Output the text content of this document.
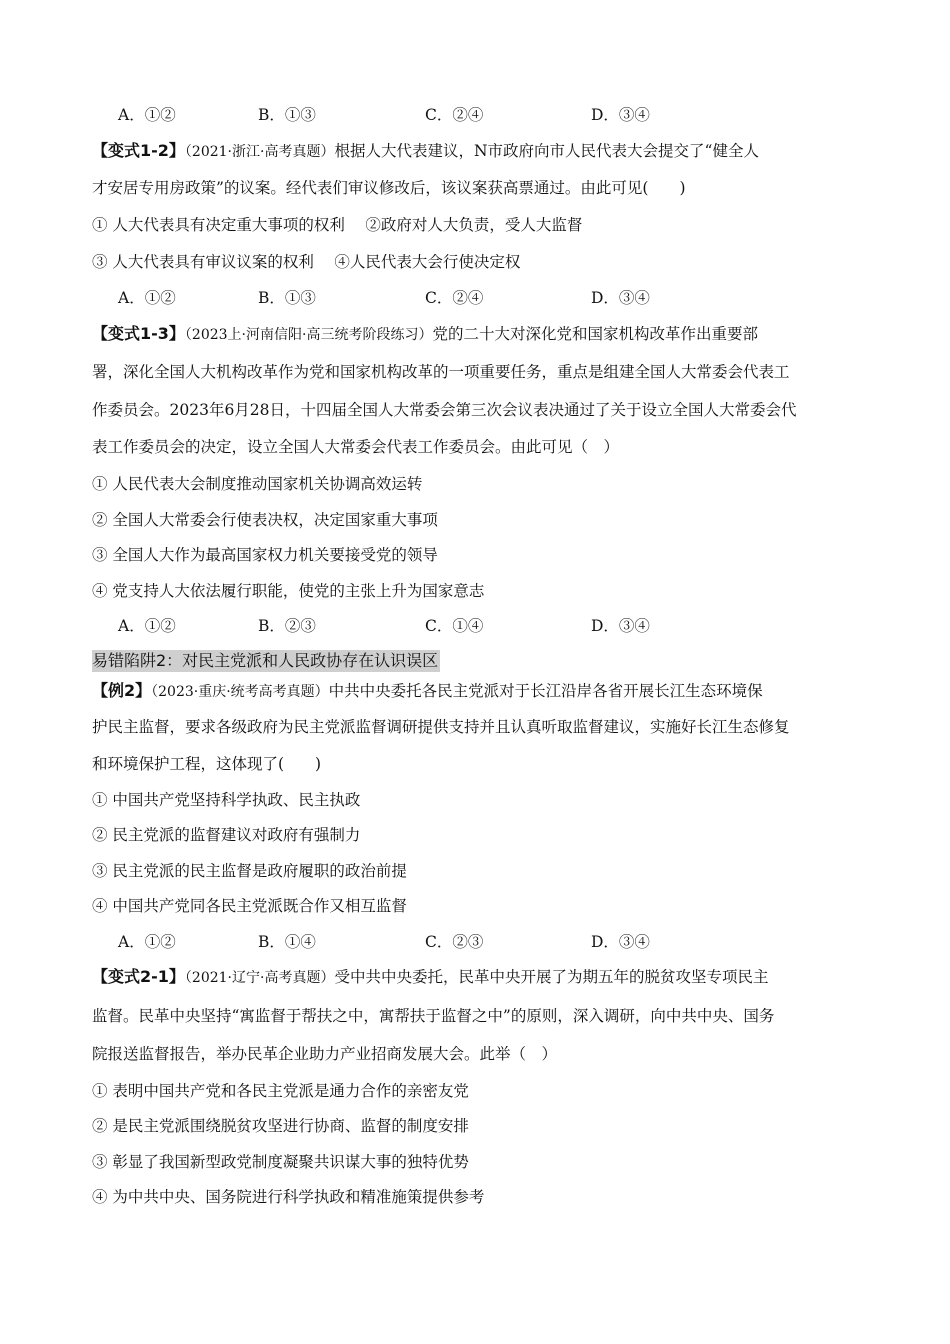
A．①②	B．①③	C．②④	D．③④
【变式1-2】（2021·浙江·高考真题）根据人大代表建议，N市政府向市人民代表大会提交了“健全人
才安居专用房政策”的议案。经代表们审议修改后，该议案获高票通过。由此可见(　　)
① 人大代表具有决定重大事项的权利　 ②政府对人大负责，受人大监督
③ 人大代表具有审议议案的权利　 ④人民代表大会行使决定权
A．①②	B．①③	C．②④	D．③④
【变式1-3】（2023上·河南信阳·高三统考阶段练习）党的二十大对深化党和国家机构改革作出重要部
署，深化全国人大机构改革作为党和国家机构改革的一项重要任务，重点是组建全国人大常委会代表工
作委员会。2023年6月28日，十四届全国人大常委会第三次会议表决通过了关于设立全国人大常委会代
表工作委员会的决定，设立全国人大常委会代表工作委员会。由此可见（　）
① 人民代表大会制度推动国家机关协调高效运转
② 全国人大常委会行使表决权，决定国家重大事项
③ 全国人大作为最高国家权力机关要接受党的领导
④ 党支持人大依法履行职能，使党的主张上升为国家意志
A．①②	B．②③	C．①④	D．③④
易错陷阱2：对民主党派和人民政协存在认识误区
【例2】（2023·重庆·统考高考真题）中共中央委托各民主党派对于长江沿岸各省开展长江生态环境保
护民主监督，要求各级政府为民主党派监督调研提供支持并且认真听取监督建议，实施好长江生态修复
和环境保护工程，这体现了(　　)
① 中国共产党坚持科学执政、民主执政
② 民主党派的监督建议对政府有强制力
③ 民主党派的民主监督是政府履职的政治前提
④ 中国共产党同各民主党派既合作又相互监督
A．①②	B．①④	C．②③	D．③④
【变式2-1】（2021·辽宁·高考真题）受中共中央委托，民革中央开展了为期五年的脱贫攻坚专项民主
监督。民革中央坚持“寓监督于帮扶之中，寓帮扶于监督之中”的原则，深入调研，向中共中央、国务
院报送监督报告，举办民革企业助力产业招商发展大会。此举（　）
① 表明中国共产党和各民主党派是通力合作的亲密友党
② 是民主党派围绕脱贫攻坚进行协商、监督的制度安排
③ 彰显了我国新型政党制度凝聚共识谋大事的独特优势
④ 为中共中央、国务院进行科学执政和精准施策提供参考
